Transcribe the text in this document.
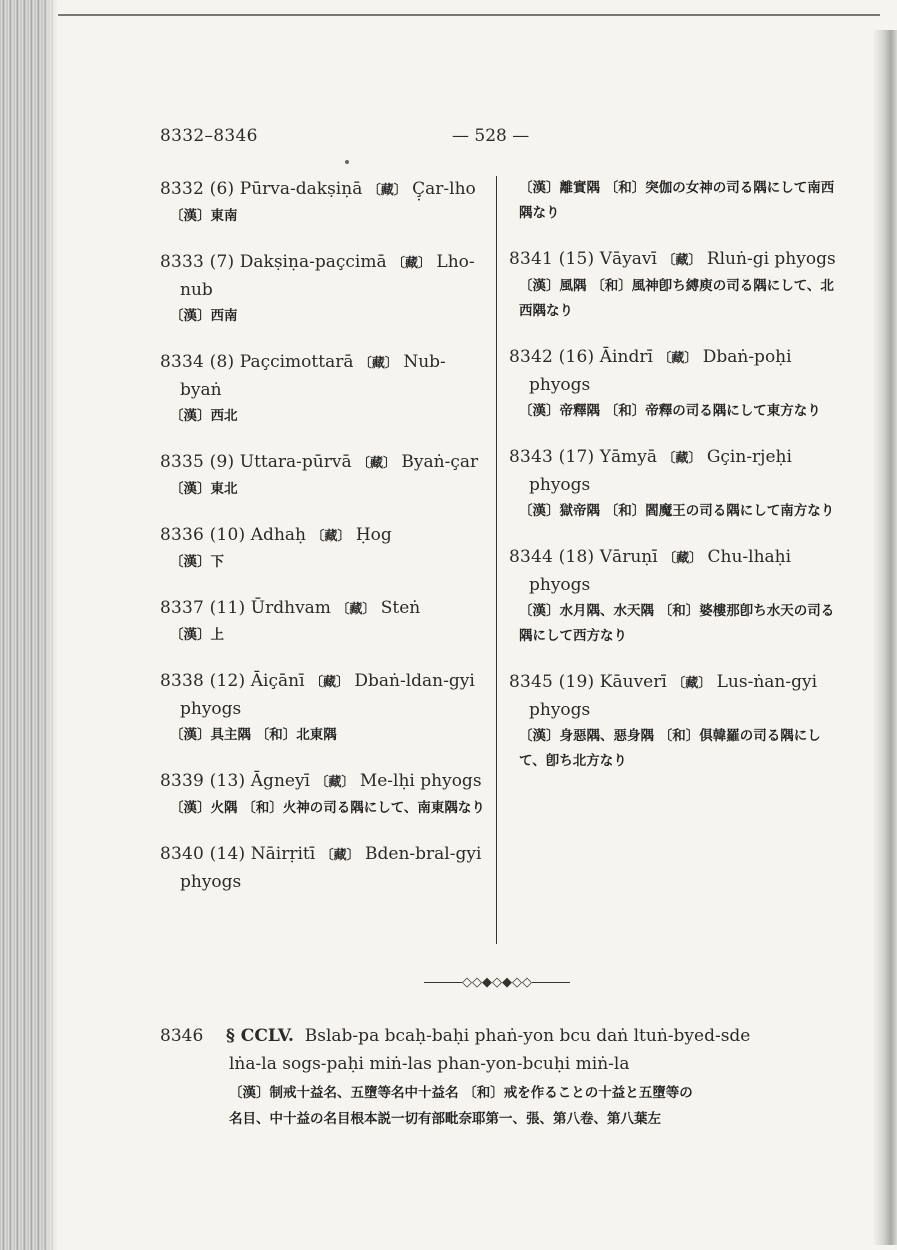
8332–8346	— 528 —
8332 (6) Pūrva-dakṣiṇā 〔藏〕 Ç̣ar-lho
〔漢〕東南
8333 (7) Dakṣiṇa-paçcimā 〔藏〕 Lho-nub
〔漢〕西南
8334 (8) Paçcimottarā 〔藏〕 Nub-byaṅ
〔漢〕西北
8335 (9) Uttara-pūrvā 〔藏〕 Byaṅ-çar
〔漢〕東北
8336 (10) Adhaḥ 〔藏〕 Ḥog
〔漢〕下
8337 (11) Ūrdhvam 〔藏〕 Steṅ
〔漢〕上
8338 (12) Āiçānī 〔藏〕 Dbaṅ-ldan-gyi phyogs
〔漢〕具主隅 〔和〕北東隅
8339 (13) Āgneyī 〔藏〕 Me-lḥi phyogs
〔漢〕火隅 〔和〕火神の司る隅にして、南東隅なり
8340 (14) Nāirṛitī 〔藏〕 Bden-bral-gyi phyogs
〔漢〕離實隅 〔和〕突伽の女神の司る隅にして南西隅なり
8341 (15) Vāyavī 〔藏〕 Rluṅ-gi phyogs
〔漢〕風隅 〔和〕風神卽ち縛庾の司る隅にして、北西隅なり
8342 (16) Āindrī 〔藏〕 Dbaṅ-poḥi phyogs
〔漢〕帝釋隅 〔和〕帝釋の司る隅にして東方なり
8343 (17) Yāmyā 〔藏〕 Gçin-rjeḥi phyogs
〔漢〕獄帝隅 〔和〕閻魔王の司る隅にして南方なり
8344 (18) Vāruṇī 〔藏〕 Chu-lhaḥi phyogs
〔漢〕水月隅、水天隅 〔和〕婆樓那卽ち水天の司る隅にして西方なり
8345 (19) Kāuverī 〔藏〕 Lus-ṅan-gyi phyogs
〔漢〕身惡隅、惡身隅 〔和〕俱韓羅の司る隅にして、卽ち北方なり
◇◇◆◇◆◇◇
8346 § CCLV. Bslab-pa bcaḥ-baḥi phaṅ-yon bcu daṅ ltuṅ-byed-sde
lṅa-la sogs-paḥi miṅ-las phan-yon-bcuḥi miṅ-la
〔漢〕制戒十益名、五墮等名中十益名 〔和〕戒を作ることの十益と五墮等の
名目、中十益の名目根本説一切有部毗奈耶第一、張、第八卷、第八葉左
